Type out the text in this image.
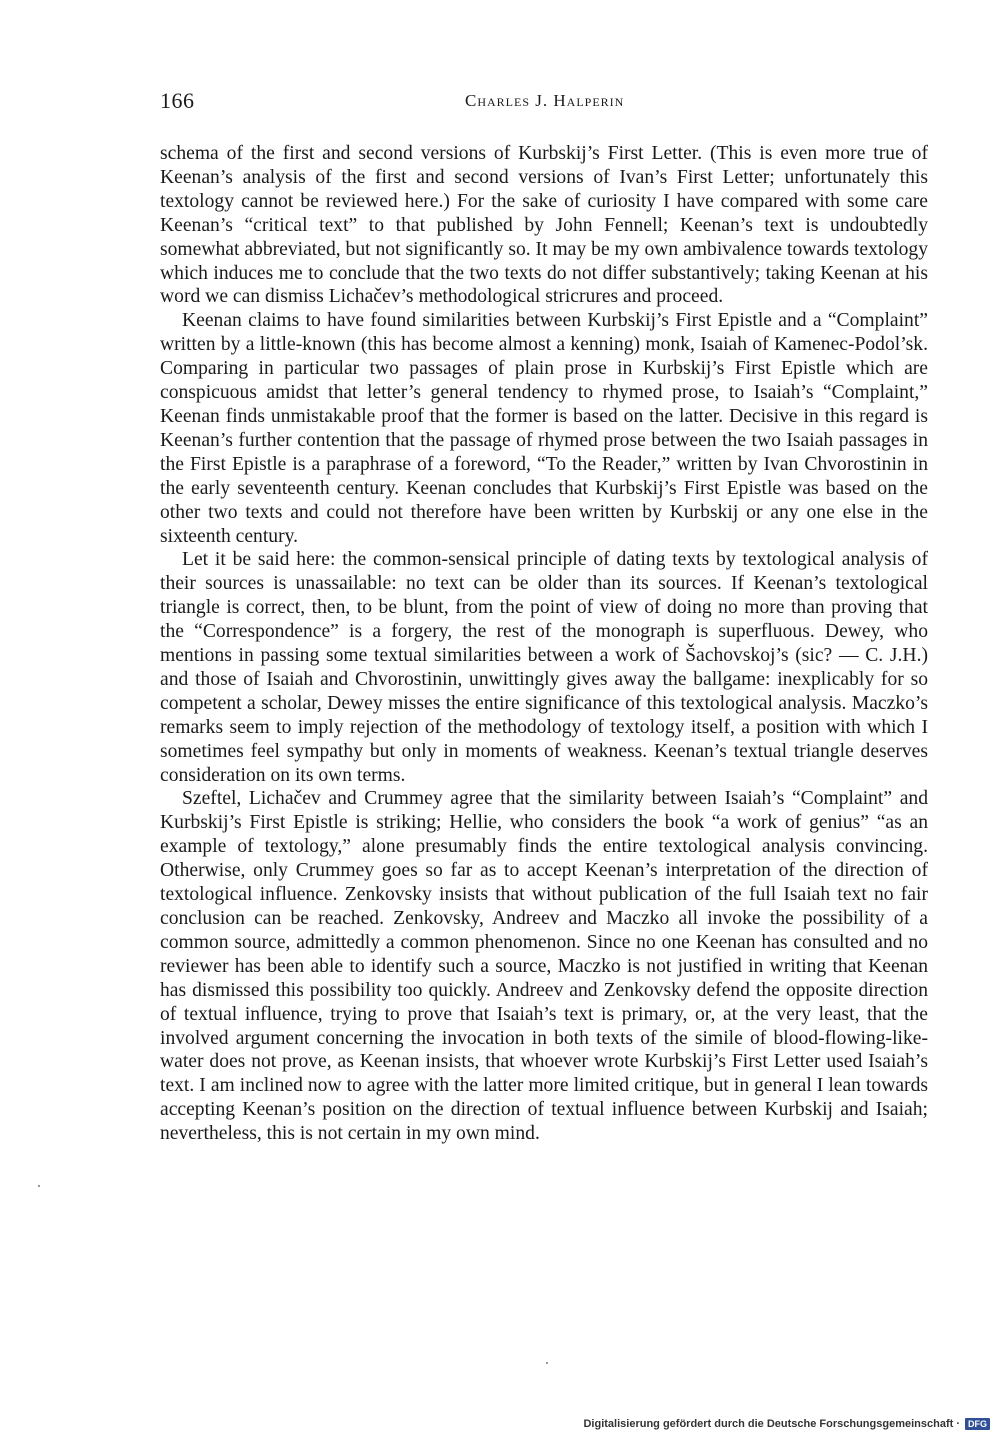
166	Charles J. Halperin

schema of the first and second versions of Kurbskij’s First Letter. (This is even more true of Keenan’s analysis of the first and second versions of Ivan’s First Letter; unfortunately this textology cannot be reviewed here.) For the sake of curiosity I have compared with some care Keenan’s “critical text” to that published by John Fennell; Keenan’s text is undoubtedly somewhat abbreviated, but not significantly so. It may be my own ambivalence towards textology which induces me to conclude that the two texts do not differ substantively; taking Keenan at his word we can dismiss Lichačev’s methodological stricrures and proceed.

Keenan claims to have found similarities between Kurbskij’s First Epistle and a “Complaint” written by a little-known (this has become almost a kenning) monk, Isaiah of Kamenec-Podol’sk. Comparing in particular two passages of plain prose in Kurbskij’s First Epistle which are conspicuous amidst that letter’s general tendency to rhymed prose, to Isaiah’s “Complaint,” Keenan finds unmistakable proof that the former is based on the latter. Decisive in this regard is Keenan’s further contention that the passage of rhymed prose between the two Isaiah passages in the First Epistle is a paraphrase of a foreword, “To the Reader,” written by Ivan Chvorostinin in the early seventeenth century. Keenan concludes that Kurbskij’s First Epistle was based on the other two texts and could not therefore have been written by Kurbskij or any one else in the sixteenth century.

Let it be said here: the common-sensical principle of dating texts by textological analysis of their sources is unassailable: no text can be older than its sources. If Keenan’s textological triangle is correct, then, to be blunt, from the point of view of doing no more than proving that the “Correspondence” is a forgery, the rest of the monograph is superfluous. Dewey, who mentions in passing some textual similarities between a work of Šachovskoj’s (sic? — C. J.H.) and those of Isaiah and Chvorostinin, unwittingly gives away the ballgame: inexplicably for so competent a scholar, Dewey misses the entire significance of this textological analysis. Maczko’s remarks seem to imply rejection of the methodology of textology itself, a position with which I sometimes feel sympathy but only in moments of weakness. Keenan’s textual triangle deserves consideration on its own terms.

Szeftel, Lichačev and Crummey agree that the similarity between Isaiah’s “Complaint” and Kurbskij’s First Epistle is striking; Hellie, who considers the book “a work of genius” “as an example of textology,” alone presumably finds the entire textological analysis convincing. Otherwise, only Crummey goes so far as to accept Keenan’s interpretation of the direction of textological influence. Zenkovsky insists that without publication of the full Isaiah text no fair conclusion can be reached. Zenkovsky, Andreev and Maczko all invoke the possibility of a common source, admittedly a common phenomenon. Since no one Keenan has consulted and no reviewer has been able to identify such a source, Maczko is not justified in writing that Keenan has dismissed this possibility too quickly. Andreev and Zenkovsky defend the opposite direction of textual influence, trying to prove that Isaiah’s text is primary, or, at the very least, that the involved argument concerning the invocation in both texts of the simile of blood-flowing-like-water does not prove, as Keenan insists, that whoever wrote Kurbskij’s First Letter used Isaiah’s text. I am inclined now to agree with the latter more limited critique, but in general I lean towards accepting Keenan’s position on the direction of textual influence between Kurbskij and Isaiah; nevertheless, this is not certain in my own mind.

Digitalisierung gefördert durch die Deutsche Forschungsgemeinschaft · DFG
